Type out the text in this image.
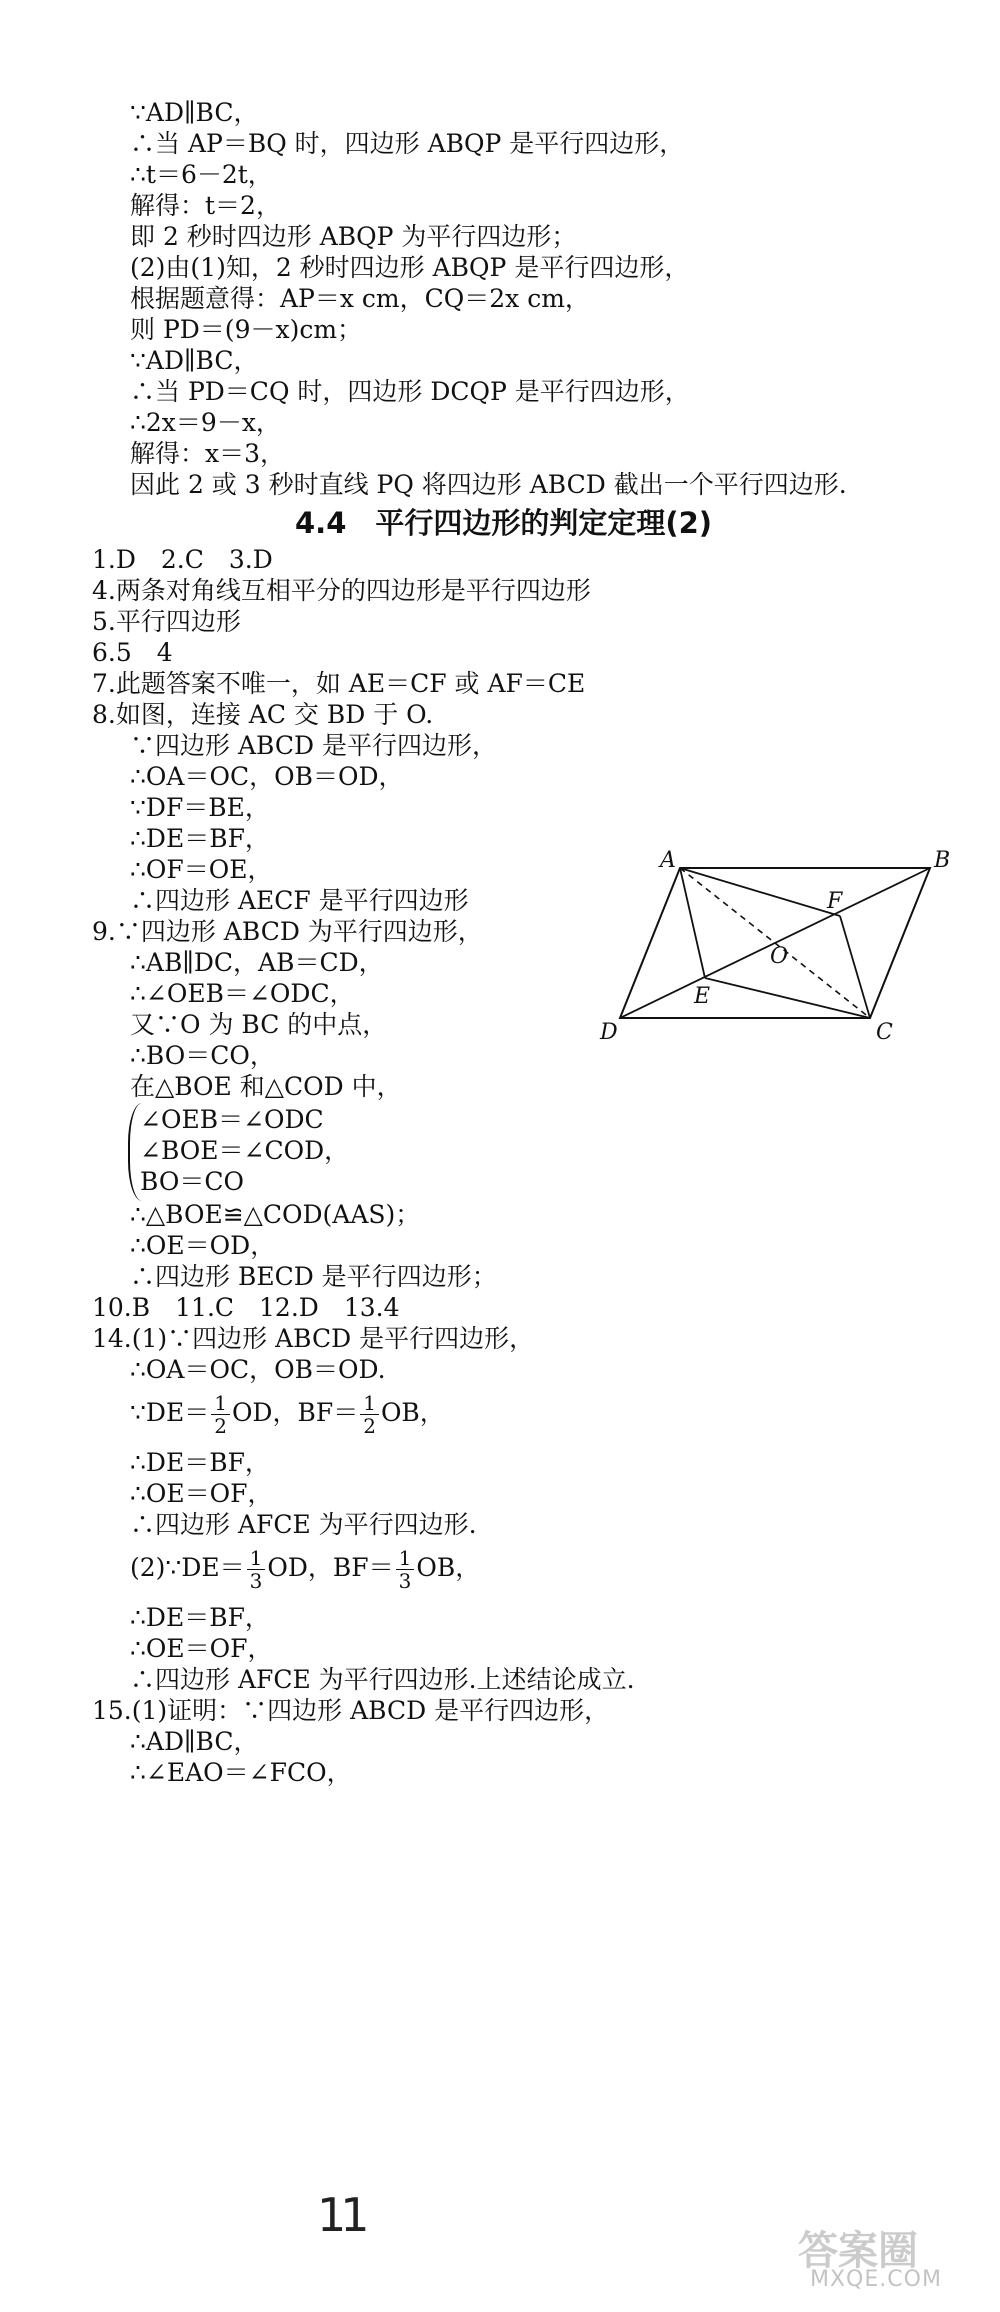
∵AD∥BC，
∴当 AP＝BQ 时，四边形 ABQP 是平行四边形，
∴t＝6－2t，
解得：t＝2，
即 2 秒时四边形 ABQP 为平行四边形；
(2)由(1)知，2 秒时四边形 ABQP 是平行四边形，
根据题意得：AP＝x cm，CQ＝2x cm，
则 PD＝(9－x)cm；
∵AD∥BC，
∴当 PD＝CQ 时，四边形 DCQP 是平行四边形，
∴2x＝9－x，
解得：x＝3，
因此 2 或 3 秒时直线 PQ 将四边形 ABCD 截出一个平行四边形.
4.4　平行四边形的判定定理(2)
1.D　2.C　3.D
4.两条对角线互相平分的四边形是平行四边形
5.平行四边形
6.5　4
7.此题答案不唯一，如 AE＝CF 或 AF＝CE
8.如图，连接 AC 交 BD 于 O.
∵四边形 ABCD 是平行四边形，
∴OA＝OC，OB＝OD，
∵DF＝BE，
∴DE＝BF，
∴OF＝OE，
∴四边形 AECF 是平行四边形
9.∵四边形 ABCD 为平行四边形，
∴AB∥DC，AB＝CD，
∴∠OEB＝∠ODC，
又∵O 为 BC 的中点，
∴BO＝CO，
在△BOE 和△COD 中，
∠OEB＝∠ODC
∠BOE＝∠COD，
BO＝CO
∴△BOE≌△COD(AAS)；
∴OE＝OD，
∴四边形 BECD 是平行四边形；
10.B　11.C　12.D　13.4
14.(1)∵四边形 ABCD 是平行四边形，
∴OA＝OC，OB＝OD.
∵DE＝ $\frac{1}{2}$ OD，$BF= \frac{1}{2}$ OB，
∴DE＝BF，
∴OE＝OF，
∴四边形 AFCE 为平行四边形.
(2)∵DE＝ $\frac{1}{3}$ OD，$BF= \frac{1}{3}$ OB，
∴DE＝BF，
∴OE＝OF，
∴四边形 AFCE 为平行四边形.上述结论成立.
15.(1)证明：∵四边形 ABCD 是平行四边形，
∴AD∥BC，
∴∠EAO＝∠FCO，
A	B
C
D
E
F
O
11
答案圈
MXQE.COM
